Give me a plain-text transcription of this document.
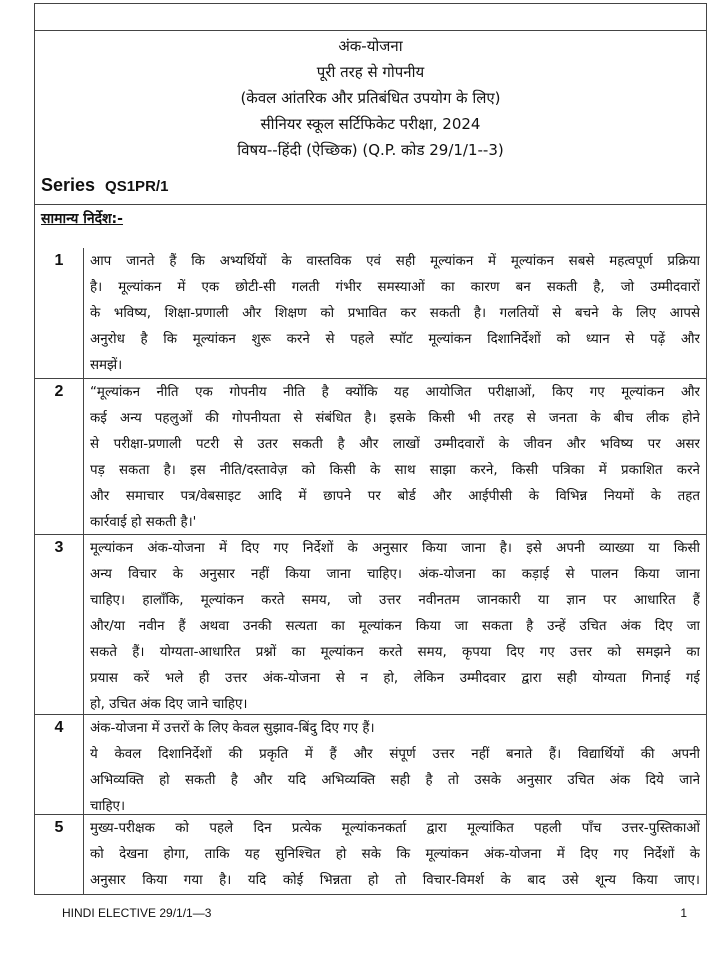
अंक-योजना
पूरी तरह से गोपनीय
(केवल आंतरिक और प्रतिबंधित उपयोग के लिए)
सीनियर स्कूल सर्टिफिकेट परीक्षा, 2024
विषय--हिंदी (ऐच्छिक) (Q.P. कोड 29/1/1--3)
Series QS1PR/1
सामान्य निर्देश:-
1	आप जानते हैं कि अभ्यर्थियों के वास्तविक एवं सही मूल्यांकन में मूल्यांकन सबसे महत्वपूर्ण प्रक्रिया
है। मूल्यांकन में एक छोटी-सी गलती गंभीर समस्याओं का कारण बन सकती है, जो उम्मीदवारों
के भविष्य, शिक्षा-प्रणाली और शिक्षण को प्रभावित कर सकती है। गलतियों से बचने के लिए आपसे
अनुरोध है कि मूल्यांकन शुरू करने से पहले स्पॉट मूल्यांकन दिशानिर्देशों को ध्यान से पढ़ें और
समझें।
2	“मूल्यांकन नीति एक गोपनीय नीति है क्योंकि यह आयोजित परीक्षाओं, किए गए मूल्यांकन और
कई अन्य पहलुओं की गोपनीयता से संबंधित है। इसके किसी भी तरह से जनता के बीच लीक होने
से परीक्षा-प्रणाली पटरी से उतर सकती है और लाखों उम्मीदवारों के जीवन और भविष्य पर असर
पड़ सकता है। इस नीति/दस्तावेज़ को किसी के साथ साझा करने, किसी पत्रिका में प्रकाशित करने
और समाचार पत्र/वेबसाइट आदि में छापने पर बोर्ड और आईपीसी के विभिन्न नियमों के तहत
कार्रवाई हो सकती है।'
3	मूल्यांकन अंक-योजना में दिए गए निर्देशों के अनुसार किया जाना है। इसे अपनी व्याख्या या किसी
अन्य विचार के अनुसार नहीं किया जाना चाहिए। अंक-योजना का कड़ाई से पालन किया जाना
चाहिए। हालाँकि, मूल्यांकन करते समय, जो उत्तर नवीनतम जानकारी या ज्ञान पर आधारित हैं
और/या नवीन हैं अथवा उनकी सत्यता का मूल्यांकन किया जा सकता है उन्हें उचित अंक दिए जा
सकते हैं। योग्यता-आधारित प्रश्नों का मूल्यांकन करते समय, कृपया दिए गए उत्तर को समझने का
प्रयास करें भले ही उत्तर अंक-योजना से न हो, लेकिन उम्मीदवार द्वारा सही योग्यता गिनाई गई
हो, उचित अंक दिए जाने चाहिए।
4	अंक-योजना में उत्तरों के लिए केवल सुझाव-बिंदु दिए गए हैं।
ये केवल दिशानिर्देशों की प्रकृति में हैं और संपूर्ण उत्तर नहीं बनाते हैं। विद्यार्थियों की अपनी
अभिव्यक्ति हो सकती है और यदि अभिव्यक्ति सही है तो उसके अनुसार उचित अंक दिये जाने
चाहिए।
5	मुख्य-परीक्षक को पहले दिन प्रत्येक मूल्यांकनकर्ता द्वारा मूल्यांकित पहली पाँच उत्तर-पुस्तिकाओं
को देखना होगा, ताकि यह सुनिश्चित हो सके कि मूल्यांकन अंक-योजना में दिए गए निर्देशों के
अनुसार किया गया है। यदि कोई भिन्नता हो तो विचार-विमर्श के बाद उसे शून्य किया जाए।
HINDI ELECTIVE 29/1/1—3	1
